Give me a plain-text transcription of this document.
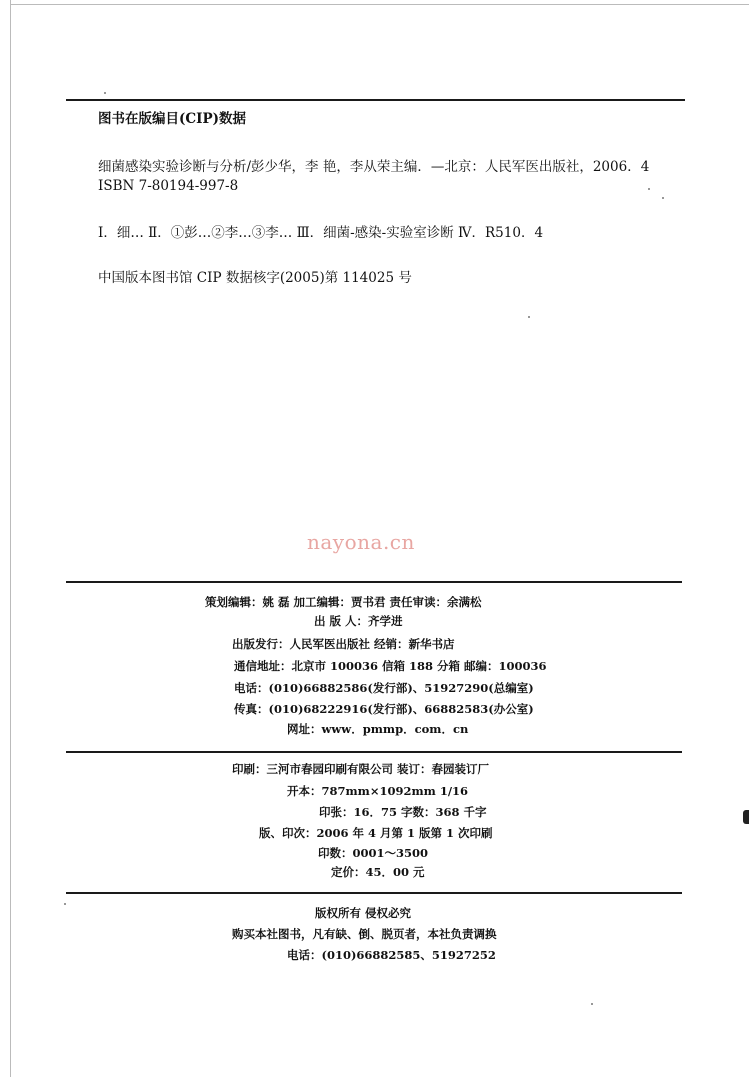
图书在版编目(CIP)数据
细菌感染实验诊断与分析/彭少华，李 艳，李从荣主编．—北京：人民军医出版社，2006．4
ISBN 7-80194-997-8
Ⅰ．细… Ⅱ．①彭…②李…③李… Ⅲ．细菌-感染-实验室诊断 Ⅳ．R510．4
中国版本图书馆 CIP 数据核字(2005)第 114025 号
nayona.cn
策划编辑：姚 磊 加工编辑：贾书君 责任审读：余满松
出 版 人：齐学进
出版发行：人民军医出版社 经销：新华书店
通信地址：北京市 100036 信箱 188 分箱 邮编：100036
电话：(010)66882586(发行部)、51927290(总编室)
传真：(010)68222916(发行部)、66882583(办公室)
网址：www．pmmp．com．cn
印刷：三河市春园印刷有限公司 装订：春园装订厂
开本：787mm×1092mm 1/16
印张：16．75 字数：368 千字
版、印次：2006 年 4 月第 1 版第 1 次印刷
印数：0001～3500
定价：45．00 元
版权所有 侵权必究
购买本社图书，凡有缺、倒、脱页者，本社负责调换
电话：(010)66882585、51927252
